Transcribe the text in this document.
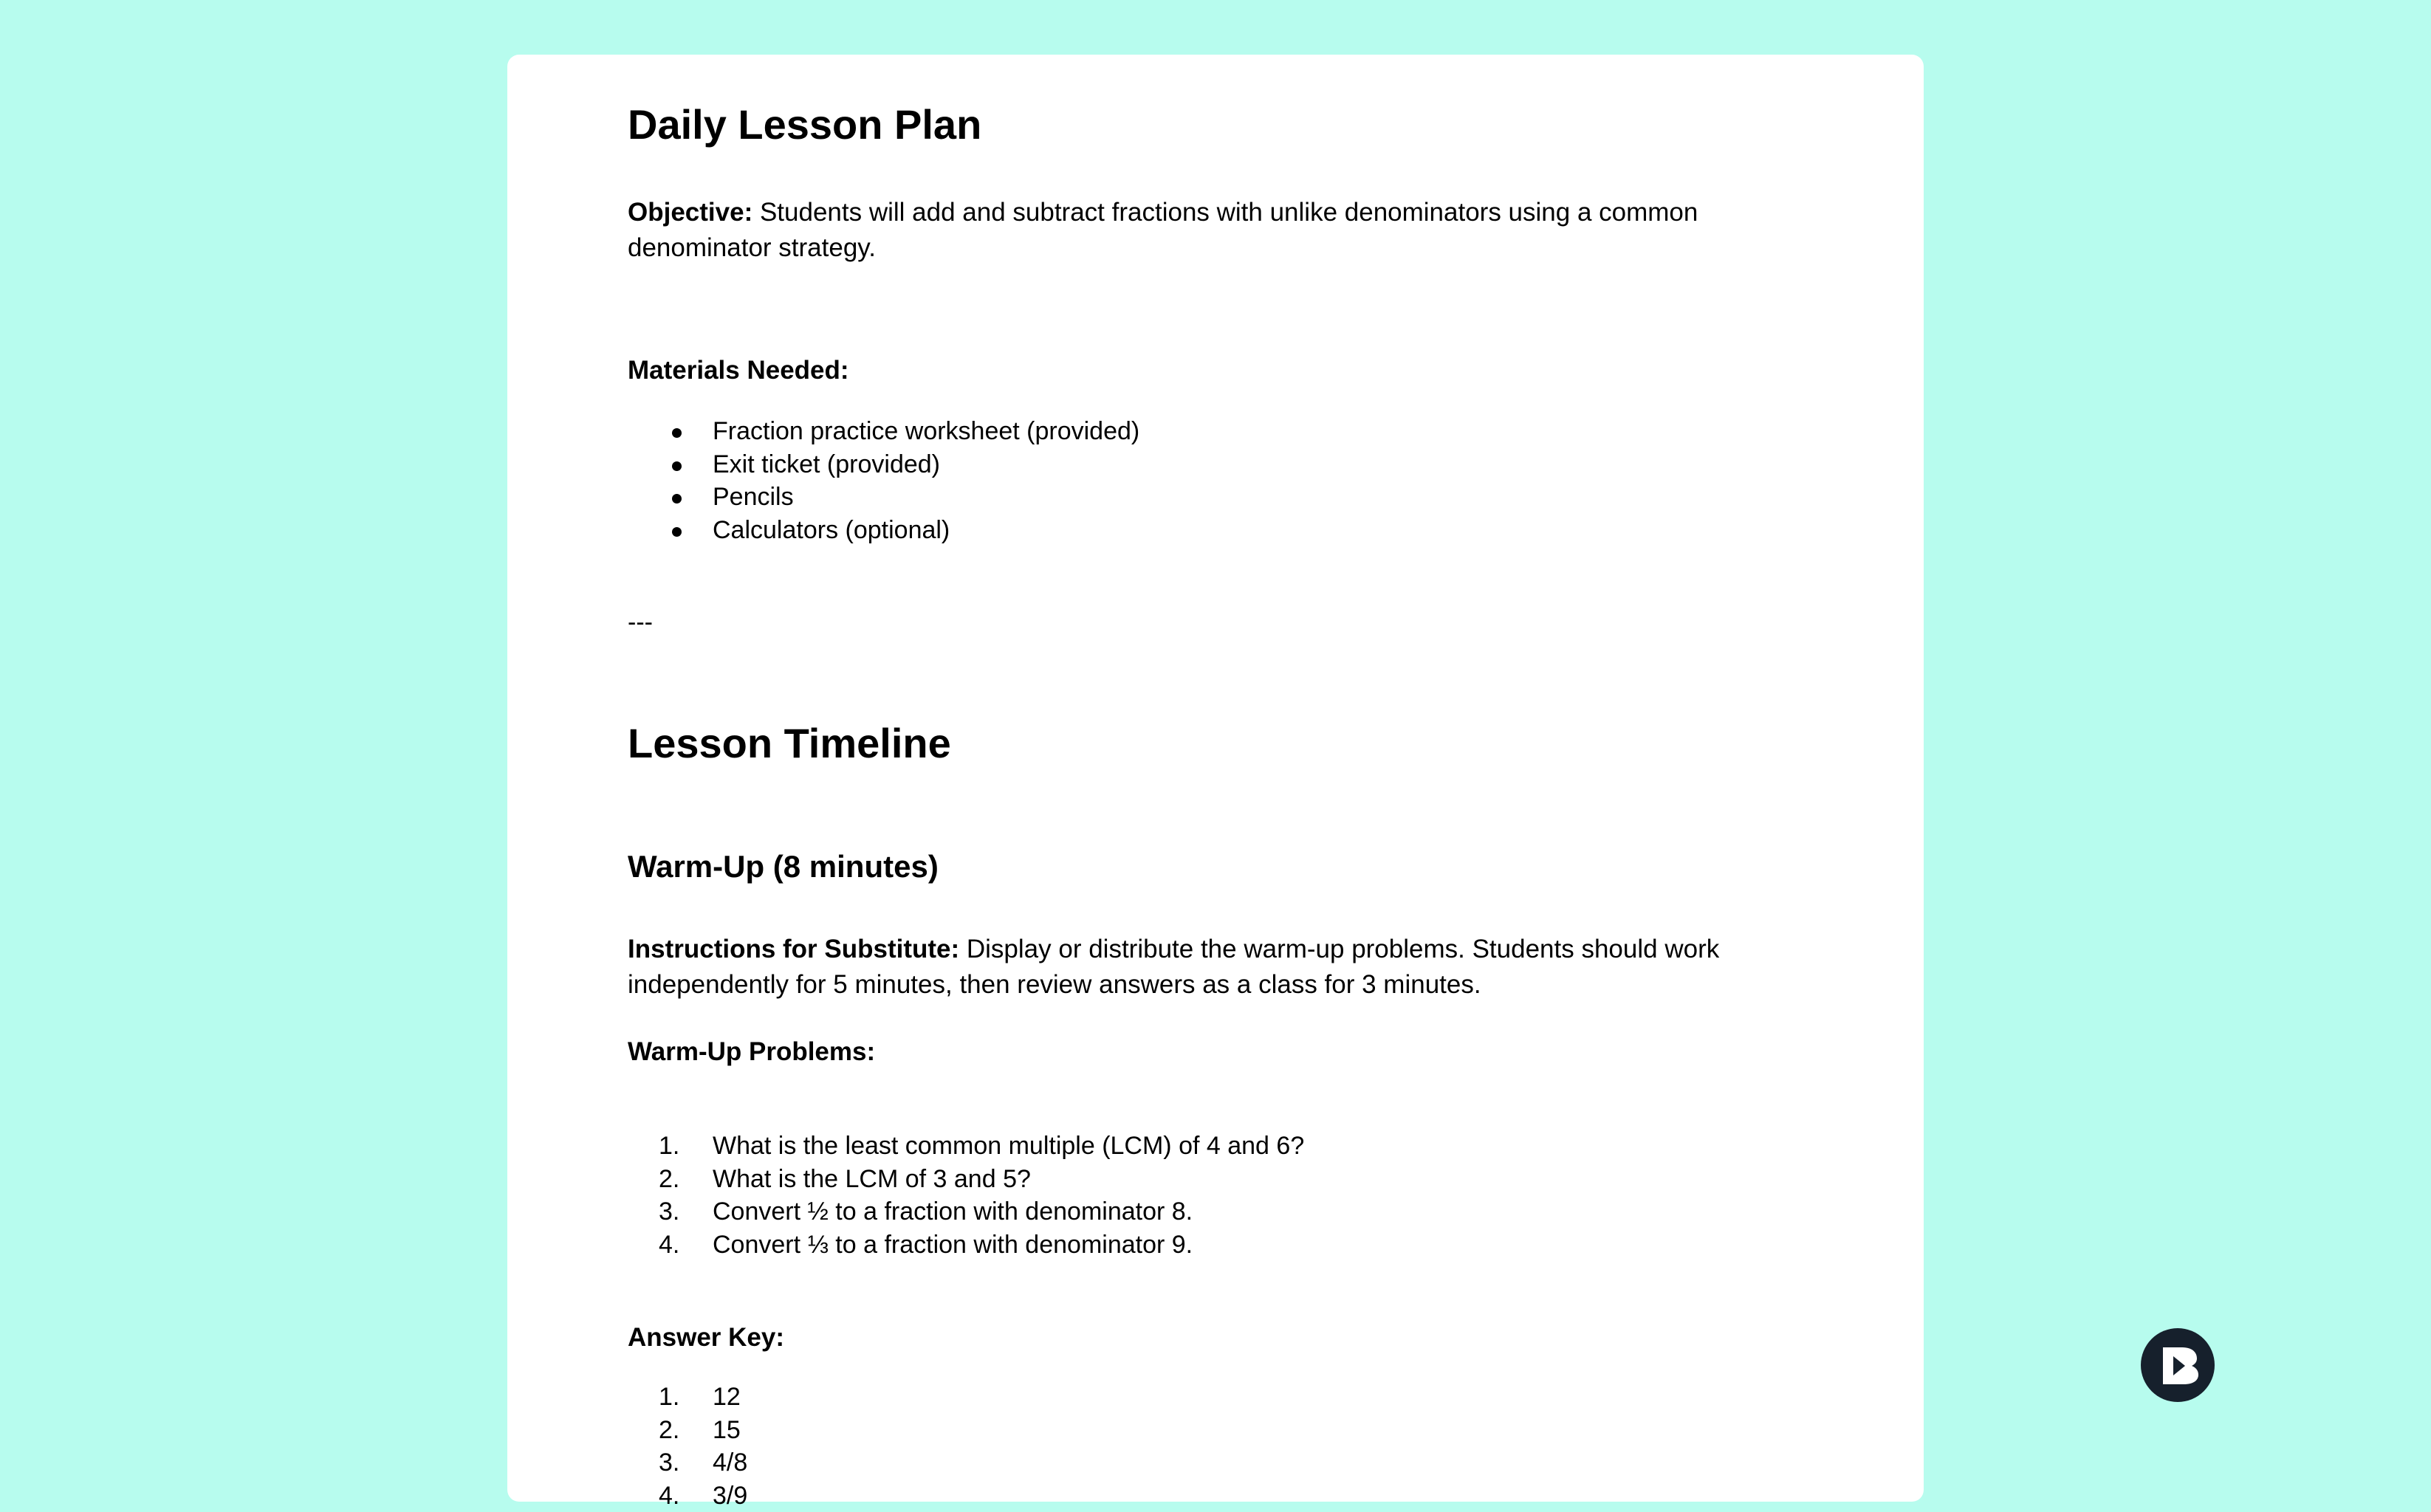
Daily Lesson Plan
Objective: Students will add and subtract fractions with unlike denominators using a common denominator strategy.
Materials Needed:
Fraction practice worksheet (provided)
Exit ticket (provided)
Pencils
Calculators (optional)
---
Lesson Timeline
Warm-Up (8 minutes)
Instructions for Substitute: Display or distribute the warm-up problems. Students should work independently for 5 minutes, then review answers as a class for 3 minutes.
Warm-Up Problems:
1.	What is the least common multiple (LCM) of 4 and 6?
2.	What is the LCM of 3 and 5?
3.	Convert ½ to a fraction with denominator 8.
4.	Convert ⅓ to a fraction with denominator 9.
Answer Key:
1.	12
2.	15
3.	4/8
4.	3/9
